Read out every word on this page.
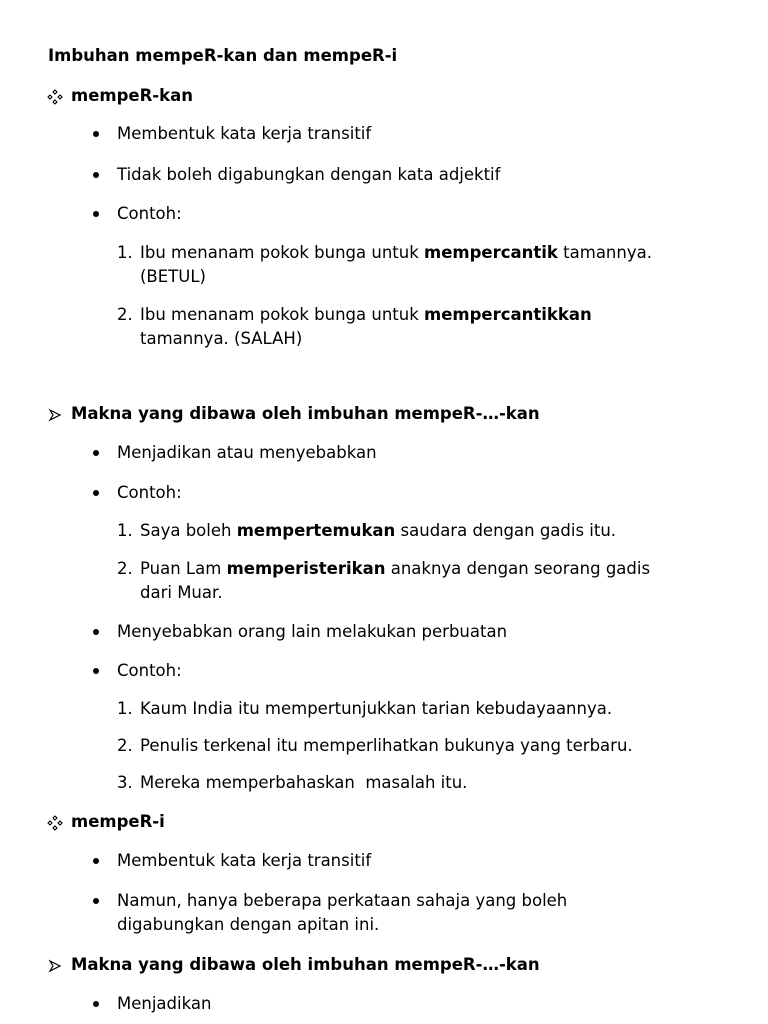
Imbuhan mempeR-kan dan mempeR-i
mempeR-kan
Membentuk kata kerja transitif
Tidak boleh digabungkan dengan kata adjektif
Contoh:
1. Ibu menanam pokok bunga untuk mempercantik tamannya.
(BETUL)
2. Ibu menanam pokok bunga untuk mempercantikkan
tamannya. (SALAH)
Makna yang dibawa oleh imbuhan mempeR-…-kan
Menjadikan atau menyebabkan
Contoh:
1. Saya boleh mempertemukan saudara dengan gadis itu.
2. Puan Lam memperisterikan anaknya dengan seorang gadis
dari Muar.
Menyebabkan orang lain melakukan perbuatan
Contoh:
1. Kaum India itu mempertunjukkan tarian kebudayaannya.
2. Penulis terkenal itu memperlihatkan bukunya yang terbaru.
3. Mereka memperbahaskan  masalah itu.
mempeR-i
Membentuk kata kerja transitif
Namun, hanya beberapa perkataan sahaja yang boleh
digabungkan dengan apitan ini.
Makna yang dibawa oleh imbuhan mempeR-…-kan
Menjadikan
